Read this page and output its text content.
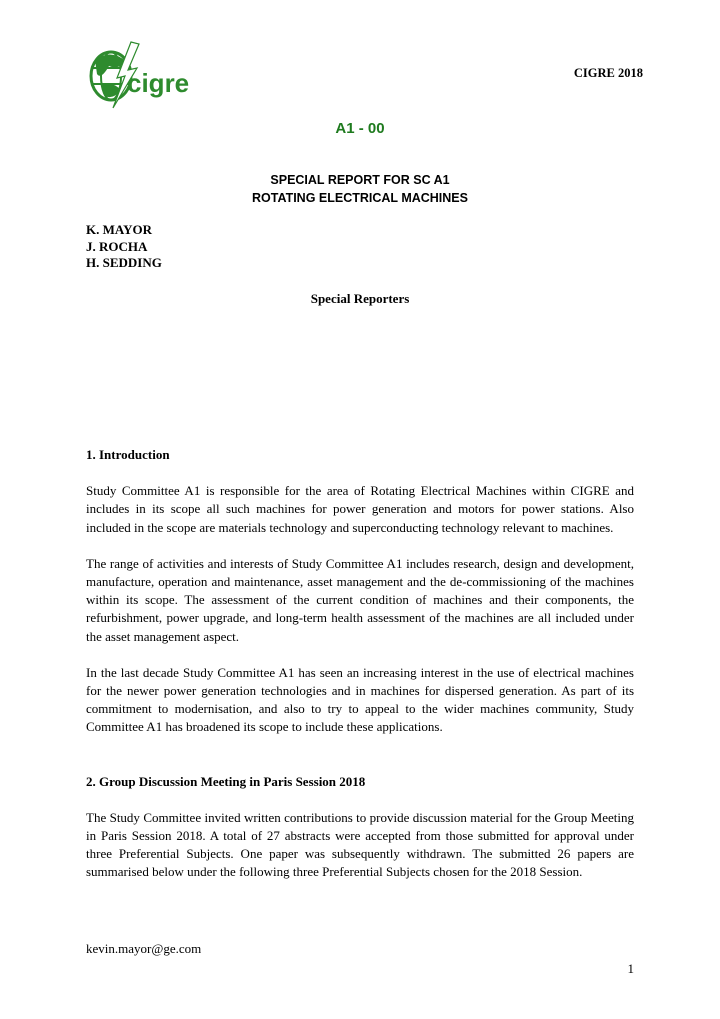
cigre	CIGRE 2018
A1 - 00
SPECIAL REPORT FOR SC A1
ROTATING ELECTRICAL MACHINES
K. MAYOR
J. ROCHA
H. SEDDING
Special Reporters

1. Introduction

Study Committee A1 is responsible for the area of Rotating Electrical Machines within CIGRE and includes in its scope all such machines for power generation and motors for power stations. Also included in the scope are materials technology and superconducting technology relevant to machines.

The range of activities and interests of Study Committee A1 includes research, design and development, manufacture, operation and maintenance, asset management and the de-commissioning of the machines within its scope. The assessment of the current condition of machines and their components, the refurbishment, power upgrade, and long-term health assessment of the machines are all included under the asset management aspect.

In the last decade Study Committee A1 has seen an increasing interest in the use of electrical machines for the newer power generation technologies and in machines for dispersed generation. As part of its commitment to modernisation, and also to try to appeal to the wider machines community, Study Committee A1 has broadened its scope to include these applications.

2. Group Discussion Meeting in Paris Session 2018

The Study Committee invited written contributions to provide discussion material for the Group Meeting in Paris Session 2018. A total of 27 abstracts were accepted from those submitted for approval under three Preferential Subjects. One paper was subsequently withdrawn. The submitted 26 papers are summarised below under the following three Preferential Subjects chosen for the 2018 Session.

kevin.mayor@ge.com
1
